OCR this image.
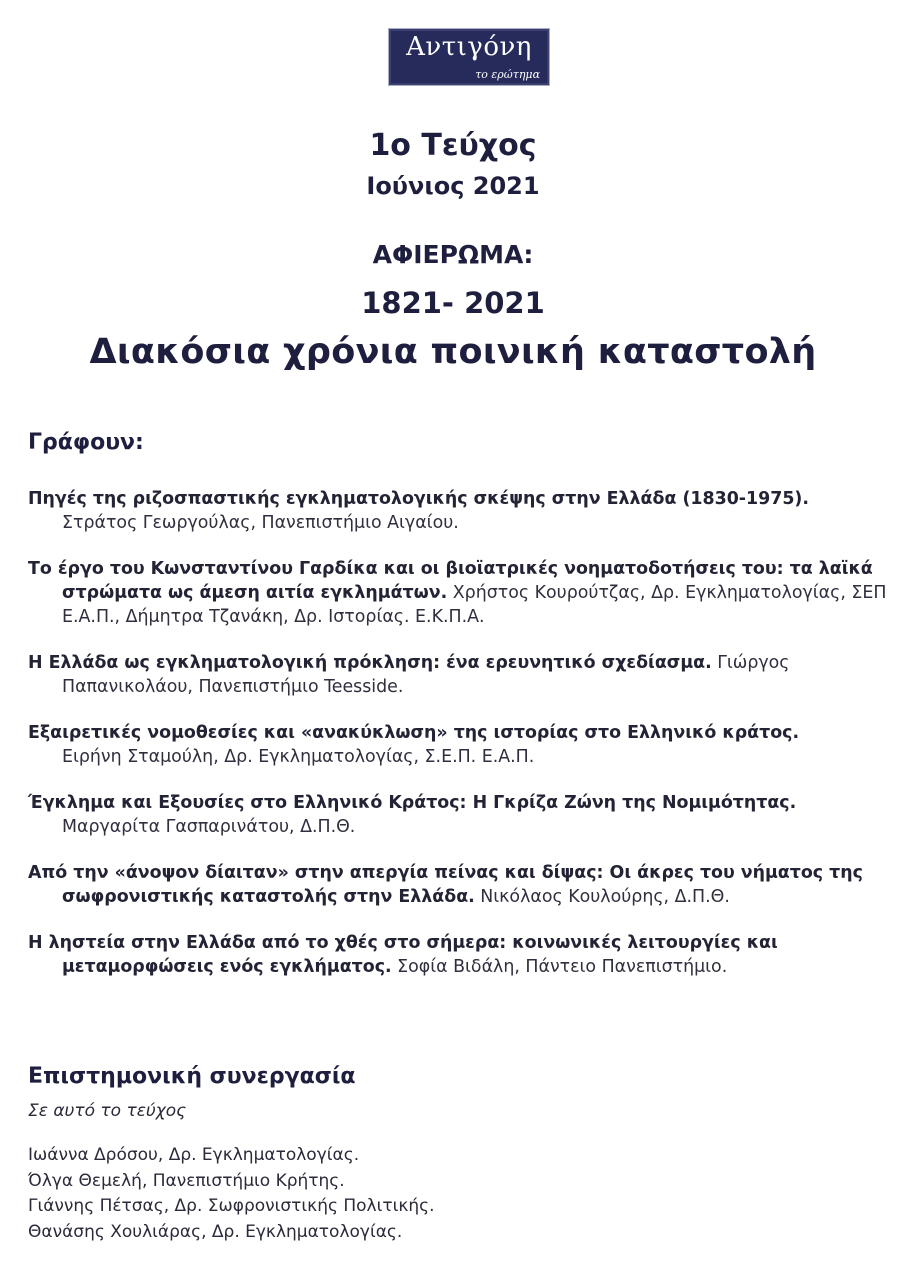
Αντιγόνη
το ερώτημα
1ο Τεύχος
Ιούνιος 2021
ΑΦΙΕΡΩΜΑ:
1821- 2021
Διακόσια χρόνια ποινική καταστολή
Γράφουν:
Πηγές της ριζοσπαστικής εγκληματολογικής σκέψης στην Ελλάδα (1830-1975).
Στράτος Γεωργούλας, Πανεπιστήμιο Αιγαίου.
Το έργο του Κωνσταντίνου Γαρδίκα και οι βιοϊατρικές νοηματοδοτήσεις του: τα λαϊκά στρώματα ως άμεση αιτία εγκλημάτων. Χρήστος Κουρούτζας, Δρ. Εγκληματολογίας, ΣΕΠ Ε.Α.Π., Δήμητρα Τζανάκη, Δρ. Ιστορίας. Ε.Κ.Π.Α.
Η Ελλάδα ως εγκληματολογική πρόκληση: ένα ερευνητικό σχεδίασμα. Γιώργος Παπανικολάου, Πανεπιστήμιο Teesside.
Εξαιρετικές νομοθεσίες και «ανακύκλωση» της ιστορίας στο Ελληνικό κράτος.
Ειρήνη Σταμούλη, Δρ. Εγκληματολογίας, Σ.Ε.Π. Ε.Α.Π.
Έγκλημα και Εξουσίες στο Ελληνικό Κράτος: Η Γκρίζα Ζώνη της Νομιμότητας.
Μαργαρίτα Γασπαρινάτου, Δ.Π.Θ.
Από την «άνοψον δίαιταν» στην απεργία πείνας και δίψας: Οι άκρες του νήματος της σωφρονιστικής καταστολής στην Ελλάδα. Νικόλαος Κουλούρης, Δ.Π.Θ.
Η ληστεία στην Ελλάδα από το χθές στο σήμερα: κοινωνικές λειτουργίες και μεταμορφώσεις ενός εγκλήματος. Σοφία Βιδάλη, Πάντειο Πανεπιστήμιο.
Επιστημονική συνεργασία
Σε αυτό το τεύχος
Ιωάννα Δρόσου, Δρ. Εγκληματολογίας.
Όλγα Θεμελή, Πανεπιστήμιο Κρήτης.
Γιάννης Πέτσας, Δρ. Σωφρονιστικής Πολιτικής.
Θανάσης Χουλιάρας, Δρ. Εγκληματολογίας.
